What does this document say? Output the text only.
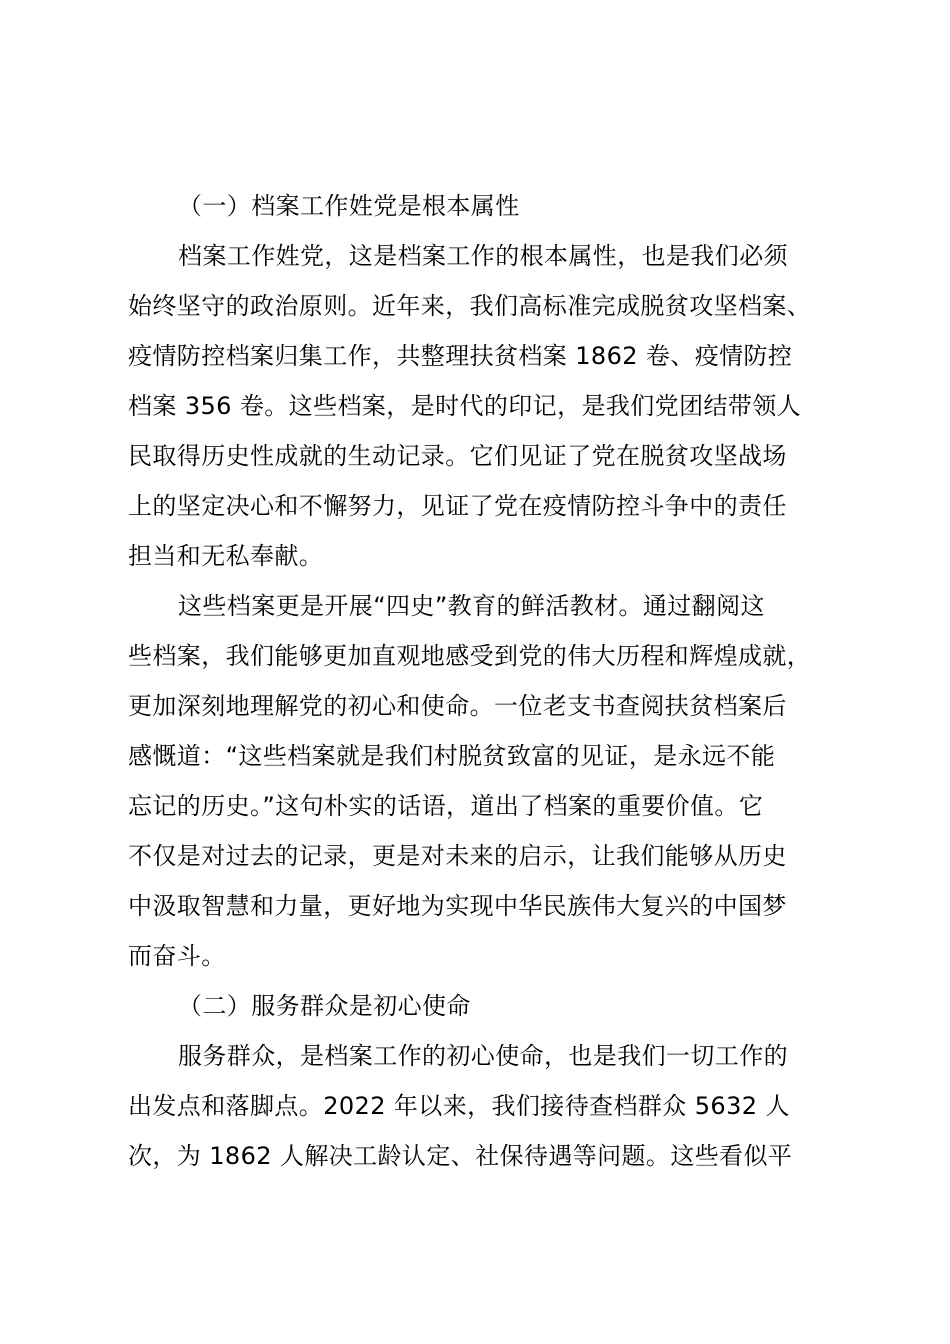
（一）档案工作姓党是根本属性
档案工作姓党，这是档案工作的根本属性，也是我们必须
始终坚守的政治原则。近年来，我们高标准完成脱贫攻坚档案、
疫情防控档案归集工作，共整理扶贫档案 1862 卷、疫情防控
档案 356 卷。这些档案，是时代的印记，是我们党团结带领人
民取得历史性成就的生动记录。它们见证了党在脱贫攻坚战场
上的坚定决心和不懈努力，见证了党在疫情防控斗争中的责任
担当和无私奉献。
这些档案更是开展“四史”教育的鲜活教材。通过翻阅这
些档案，我们能够更加直观地感受到党的伟大历程和辉煌成就，
更加深刻地理解党的初心和使命。一位老支书查阅扶贫档案后
感慨道：“这些档案就是我们村脱贫致富的见证，是永远不能
忘记的历史。”这句朴实的话语，道出了档案的重要价值。它
不仅是对过去的记录，更是对未来的启示，让我们能够从历史
中汲取智慧和力量，更好地为实现中华民族伟大复兴的中国梦
而奋斗。
（二）服务群众是初心使命
服务群众，是档案工作的初心使命，也是我们一切工作的
出发点和落脚点。2022 年以来，我们接待查档群众 5632 人
次，为 1862 人解决工龄认定、社保待遇等问题。这些看似平
